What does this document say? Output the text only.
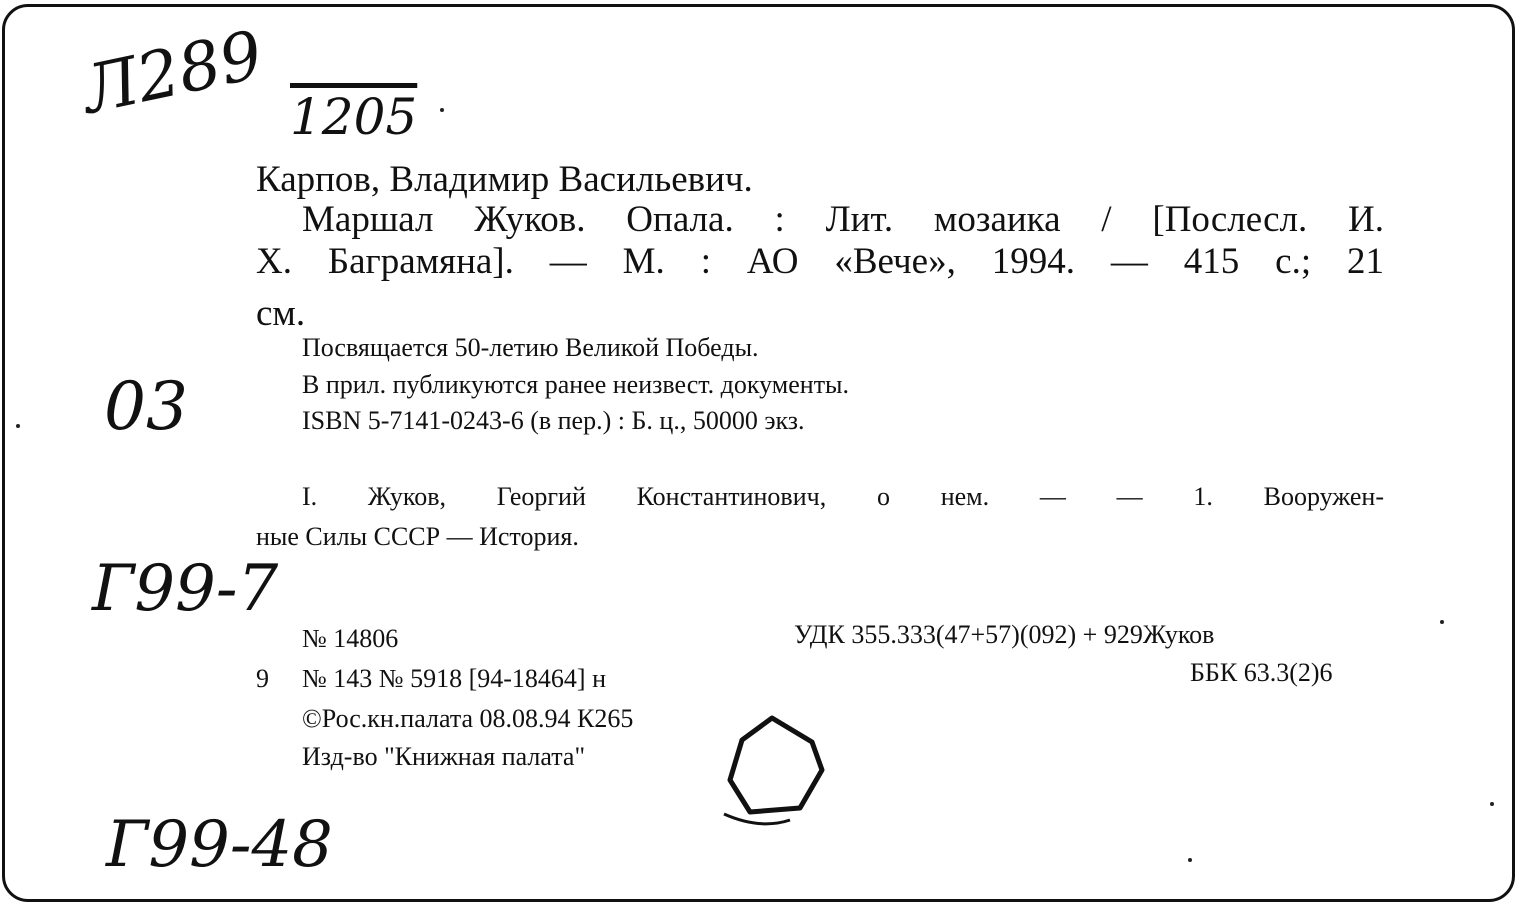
Л289 1205
03
Г99-7
Г99-48
Карпов, Владимир Васильевич.
Маршал Жуков. Опала. : Лит. мозаика / [Послесл. И.
Х. Баграмяна]. — М. : АО «Вече», 1994. — 415 с.; 21
см.
Посвящается 50-летию Великой Победы.
В прил. публикуются ранее неизвест. документы.
ISBN 5-7141-0243-6 (в пер.) : Б. ц., 50000 экз.
I. Жуков, Георгий Константинович, о нем. — — 1. Вооружен-
ные Силы СССР — История.
№ 14806	УДК 355.333(47+57)(092) + 929Жуков
9 № 143 № 5918 [94-18464] н	ББК 63.3(2)6
©Рос.кн.палата 08.08.94 К265
Изд-во "Книжная палата"
